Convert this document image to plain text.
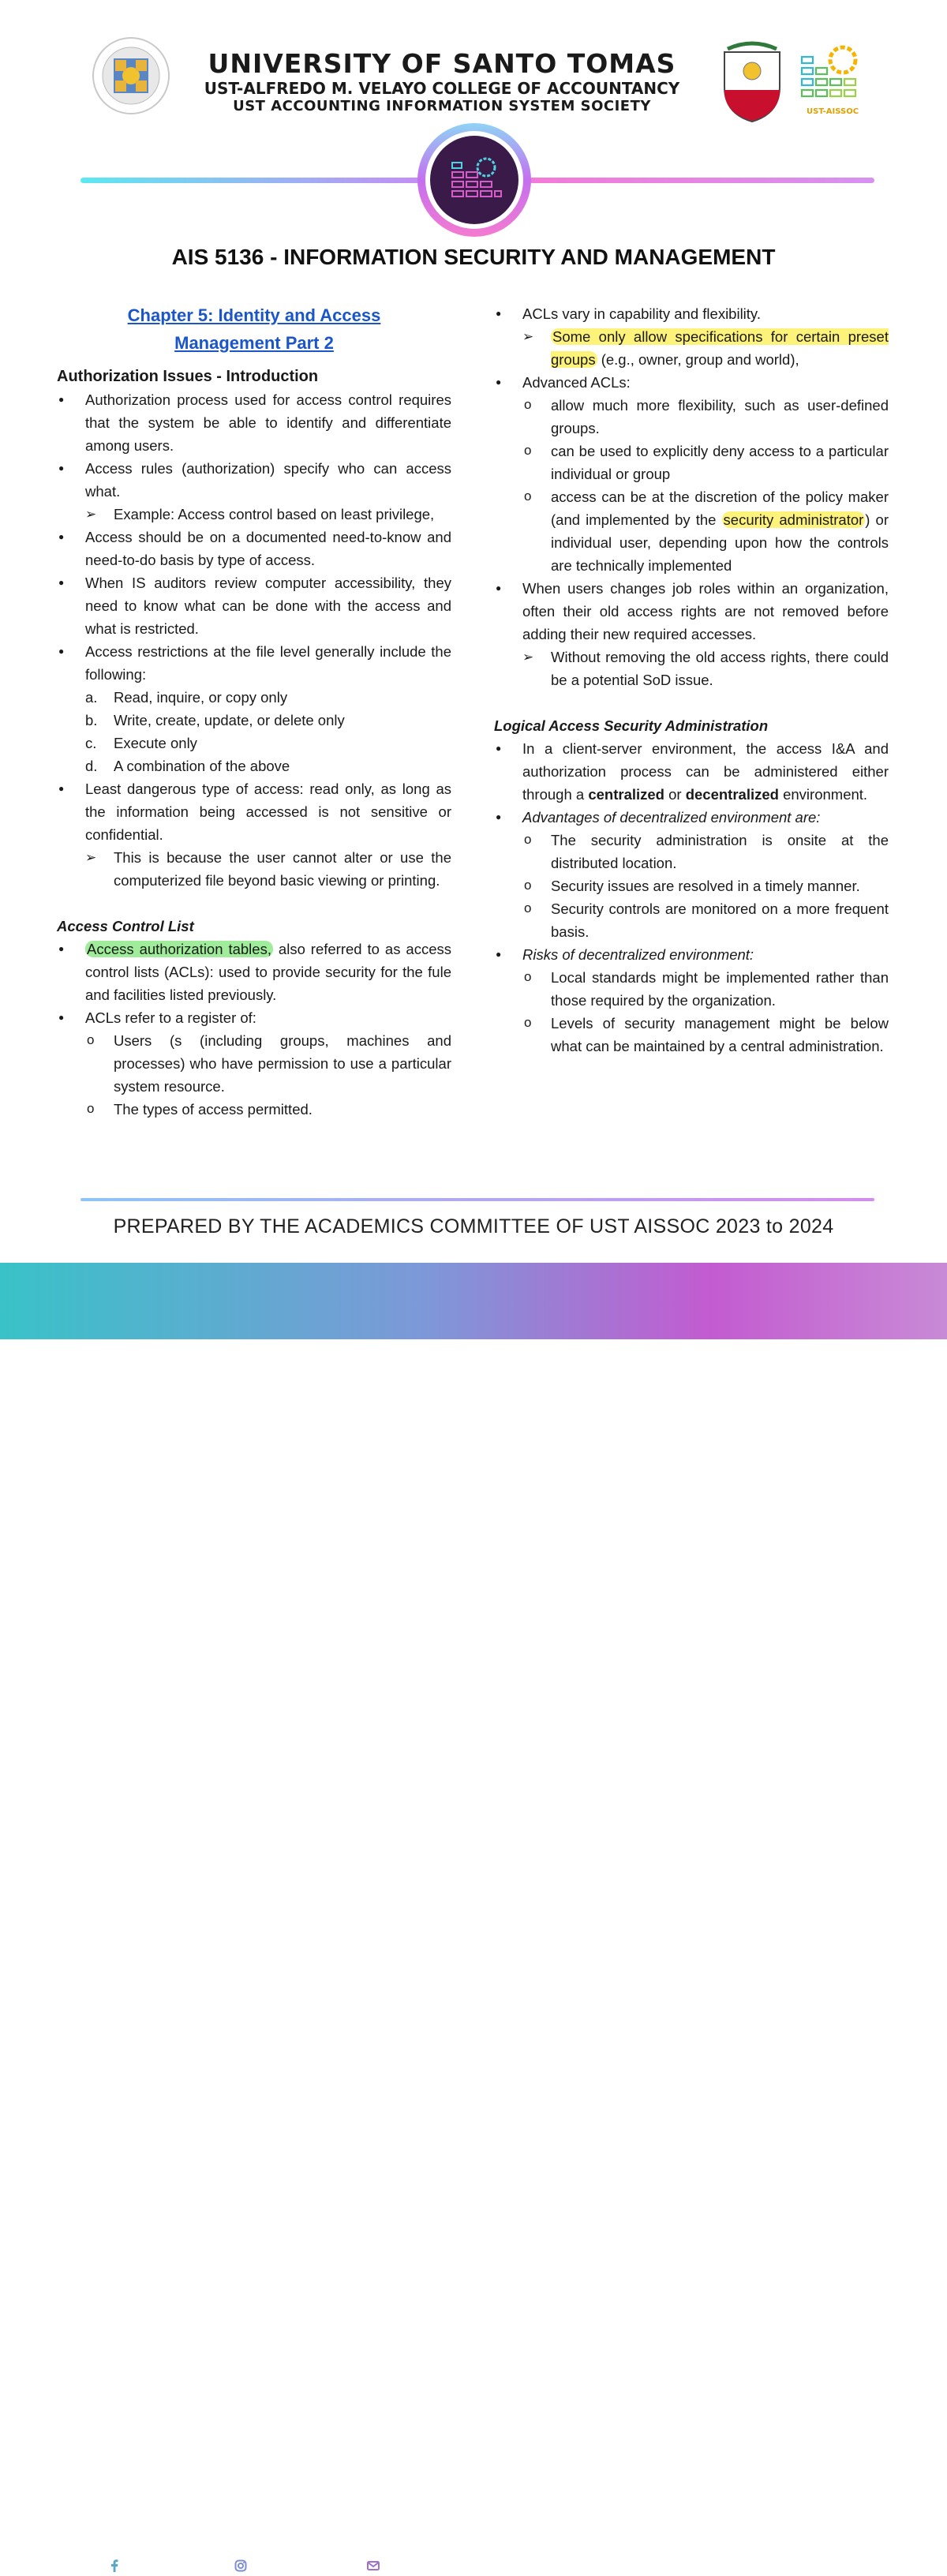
UNIVERSITY OF SANTO TOMAS
UST-ALFREDO M. VELAYO COLLEGE OF ACCOUNTANCY
UST ACCOUNTING INFORMATION SYSTEM SOCIETY	UST-AISSOC
AIS 5136 - INFORMATION SECURITY AND MANAGEMENT
Chapter 5: Identity and Access
Management Part 2
Authorization Issues - Introduction
● Authorization process used for access control requires that the system be able to identify and differentiate among users.
● Access rules (authorization) specify who can access what.
➢ Example: Access control based on least privilege,
● Access should be on a documented need-to-know and need-to-do basis by type of access.
● When IS auditors review computer accessibility, they need to know what can be done with the access and what is restricted.
● Access restrictions at the file level generally include the following:
a. Read, inquire, or copy only
b. Write, create, update, or delete only
c. Execute only
d. A combination of the above
● Least dangerous type of access: read only, as long as the information being accessed is not sensitive or confidential.
➢ This is because the user cannot alter or use the computerized file beyond basic viewing or printing.
Access Control List
● Access authorization tables, also referred to as access control lists (ACLs): used to provide security for the fule and facilities listed previously.
● ACLs refer to a register of:
o Users (s (including groups, machines and processes) who have permission to use a particular system resource.
o The types of access permitted.
● ACLs vary in capability and flexibility.
➢ Some only allow specifications for certain preset groups (e.g., owner, group and world),
● Advanced ACLs:
o allow much more flexibility, such as user-defined groups.
o can be used to explicitly deny access to a particular individual or group
o access can be at the discretion of the policy maker (and implemented by the security administrator ) or individual user, depending upon how the controls are technically implemented
● When users changes job roles within an organization, often their old access rights are not removed before adding their new required accesses.
➢ Without removing the old access rights, there could be a potential SoD issue.
Logical Access Security Administration
● In a client-server environment, the access I&A and authorization process can be administered either through a centralized or decentralized environment.
● Advantages of decentralized environment are:
o The security administration is onsite at the distributed location.
o Security issues are resolved in a timely manner.
o Security controls are monitored on a more frequent basis.
● Risks of decentralized environment:
o Local standards might be implemented rather than those required by the organization.
o Levels of security management might be below what can be maintained by a central administration.
PREPARED BY THE ACADEMICS COMMITTEE OF UST AISSOC 2023 to 2024
/USTAISSOC	/UST_AISSOC	AISSOC.ACCT@UST.EDU.PH	HTTPS://TINYURL.COM/USTAISSOC
